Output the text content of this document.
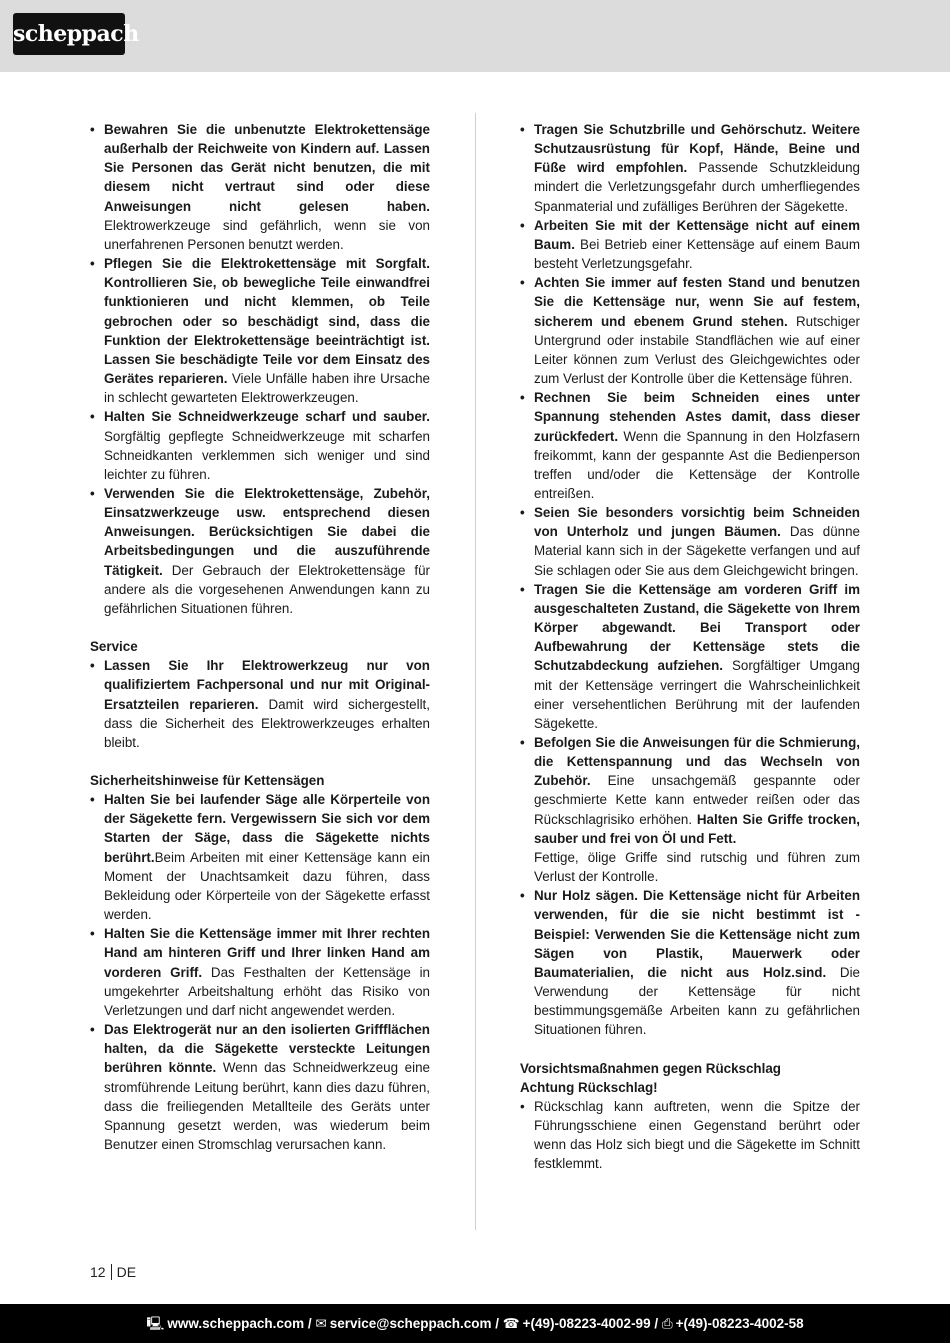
scheppach
• Bewahren Sie die unbenutzte Elektrokettensäge außerhalb der Reichweite von Kindern auf. Lassen Sie Personen das Gerät nicht benutzen, die mit diesem nicht vertraut sind oder diese Anweisungen nicht gelesen haben. Elektrowerkzeuge sind gefährlich, wenn sie von unerfahrenen Personen benutzt werden.
• Pflegen Sie die Elektrokettensäge mit Sorgfalt. Kontrollieren Sie, ob bewegliche Teile einwandfrei funktionieren und nicht klemmen, ob Teile gebrochen oder so beschädigt sind, dass die Funktion der Elektrokettensäge beeinträchtigt ist. Lassen Sie beschädigte Teile vor dem Einsatz des Gerätes reparieren. Viele Unfälle haben ihre Ursache in schlecht gewarteten Elektrowerkzeugen.
• Halten Sie Schneidwerkzeuge scharf und sauber. Sorgfältig gepflegte Schneidwerkzeuge mit scharfen Schneidkanten verklemmen sich weniger und sind leichter zu führen.
• Verwenden Sie die Elektrokettensäge, Zubehör, Einsatzwerkzeuge usw. entsprechend diesen Anweisungen. Berücksichtigen Sie dabei die Arbeitsbedingungen und die auszuführende Tätigkeit. Der Gebrauch der Elektrokettensäge für andere als die vorgesehenen Anwendungen kann zu gefährlichen Situationen führen.
Service
• Lassen Sie Ihr Elektrowerkzeug nur von qualifiziertem Fachpersonal und nur mit Original-Ersatzteilen reparieren. Damit wird sichergestellt, dass die Sicherheit des Elektrowerkzeuges erhalten bleibt.
Sicherheitshinweise für Kettensägen
• Halten Sie bei laufender Säge alle Körperteile von der Sägekette fern. Vergewissern Sie sich vor dem Starten der Säge, dass die Sägekette nichts berührt.Beim Arbeiten mit einer Kettensäge kann ein Moment der Unachtsamkeit dazu führen, dass Bekleidung oder Körperteile von der Sägekette erfasst werden.
• Halten Sie die Kettensäge immer mit Ihrer rechten Hand am hinteren Griff und Ihrer linken Hand am vorderen Griff. Das Festhalten der Kettensäge in umgekehrter Arbeitshaltung erhöht das Risiko von Verletzungen und darf nicht angewendet werden.
• Das Elektrogerät nur an den isolierten Griffflächen halten, da die Sägekette versteckte Leitungen berühren könnte. Wenn das Schneidwerkzeug eine stromführende Leitung berührt, kann dies dazu führen, dass die freiliegenden Metallteile des Geräts unter Spannung gesetzt werden, was wiederum beim Benutzer einen Stromschlag verursachen kann.
• Tragen Sie Schutzbrille und Gehörschutz. Weitere Schutzausrüstung für Kopf, Hände, Beine und Füße wird empfohlen. Passende Schutzkleidung mindert die Verletzungsgefahr durch umherfliegendes Spanmaterial und zufälliges Berühren der Sägekette.
• Arbeiten Sie mit der Kettensäge nicht auf einem Baum. Bei Betrieb einer Kettensäge auf einem Baum besteht Verletzungsgefahr.
• Achten Sie immer auf festen Stand und benutzen Sie die Kettensäge nur, wenn Sie auf festem, sicherem und ebenem Grund stehen. Rutschiger Untergrund oder instabile Standflächen wie auf einer Leiter können zum Verlust des Gleichgewichtes oder zum Verlust der Kontrolle über die Kettensäge führen.
• Rechnen Sie beim Schneiden eines unter Spannung stehenden Astes damit, dass dieser zurückfedert. Wenn die Spannung in den Holzfasern freikommt, kann der gespannte Ast die Bedienperson treffen und/oder die Kettensäge der Kontrolle entreißen.
• Seien Sie besonders vorsichtig beim Schneiden von Unterholz und jungen Bäumen. Das dünne Material kann sich in der Sägekette verfangen und auf Sie schlagen oder Sie aus dem Gleichgewicht bringen.
• Tragen Sie die Kettensäge am vorderen Griff im ausgeschalteten Zustand, die Sägekette von Ihrem Körper abgewandt. Bei Transport oder Aufbewahrung der Kettensäge stets die Schutzabdeckung aufziehen. Sorgfältiger Umgang mit der Kettensäge verringert die Wahrscheinlichkeit einer versehentlichen Berührung mit der laufenden Sägekette.
• Befolgen Sie die Anweisungen für die Schmierung, die Kettenspannung und das Wechseln von Zubehör. Eine unsachgemäß gespannte oder geschmierte Kette kann entweder reißen oder das Rückschlagrisiko erhöhen. Halten Sie Griffe trocken, sauber und frei von Öl und Fett.
Fettige, ölige Griffe sind rutschig und führen zum Verlust der Kontrolle.
• Nur Holz sägen. Die Kettensäge nicht für Arbeiten verwenden, für die sie nicht bestimmt ist - Beispiel: Verwenden Sie die Kettensäge nicht zum Sägen von Plastik, Mauerwerk oder Baumaterialien, die nicht aus Holz.sind. Die Verwendung der Kettensäge für nicht bestimmungsgemäße Arbeiten kann zu gefährlichen Situationen führen.
Vorsichtsmaßnahmen gegen Rückschlag
Achtung Rückschlag!
• Rückschlag kann auftreten, wenn die Spitze der Führungsschiene einen Gegenstand berührt oder wenn das Holz sich biegt und die Sägekette im Schnitt festklemmt.
12 DE
🖳 www.scheppach.com / ✉ service@scheppach.com / ☎ +(49)-08223-4002-99 / ⎙ +(49)-08223-4002-58
